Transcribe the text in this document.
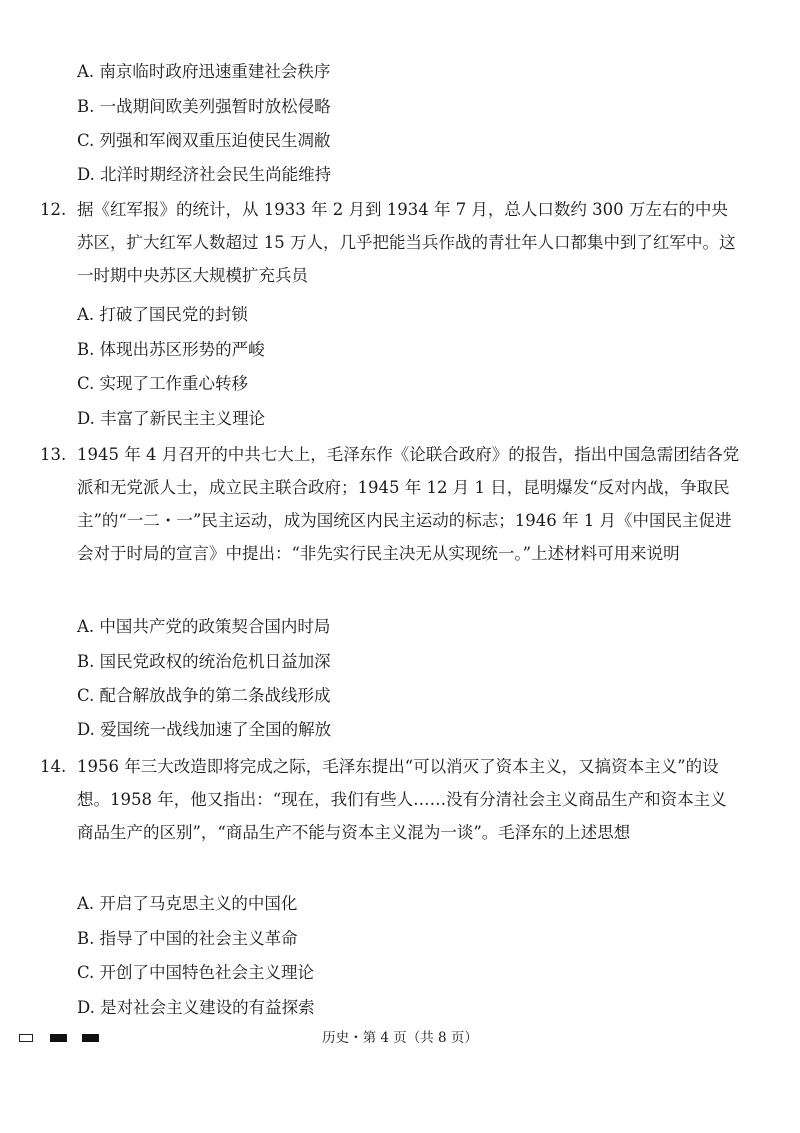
A. 南京临时政府迅速重建社会秩序
B. 一战期间欧美列强暂时放松侵略
C. 列强和军阀双重压迫使民生凋敝
D. 北洋时期经济社会民生尚能维持
12. 据《红军报》的统计，从 1933 年 2 月到 1934 年 7 月，总人口数约 300 万左右的中央苏区，扩大红军人数超过 15 万人，几乎把能当兵作战的青壮年人口都集中到了红军中。这一时期中央苏区大规模扩充兵员
A. 打破了国民党的封锁
B. 体现出苏区形势的严峻
C. 实现了工作重心转移
D. 丰富了新民主主义理论
13. 1945 年 4 月召开的中共七大上，毛泽东作《论联合政府》的报告，指出中国急需团结各党派和无党派人士，成立民主联合政府；1945 年 12 月 1 日，昆明爆发“反对内战，争取民主”的“一二・一”民主运动，成为国统区内民主运动的标志；1946 年 1 月《中国民主促进会对于时局的宣言》中提出：“非先实行民主决无从实现统一。”上述材料可用来说明
A. 中国共产党的政策契合国内时局
B. 国民党政权的统治危机日益加深
C. 配合解放战争的第二条战线形成
D. 爱国统一战线加速了全国的解放
14. 1956 年三大改造即将完成之际，毛泽东提出“可以消灭了资本主义，又搞资本主义”的设想。1958 年，他又指出：“现在，我们有些人……没有分清社会主义商品生产和资本主义商品生产的区别”，“商品生产不能与资本主义混为一谈”。毛泽东的上述思想
A. 开启了马克思主义的中国化
B. 指导了中国的社会主义革命
C. 开创了中国特色社会主义理论
D. 是对社会主义建设的有益探索
历史・第 4 页（共 8 页）
